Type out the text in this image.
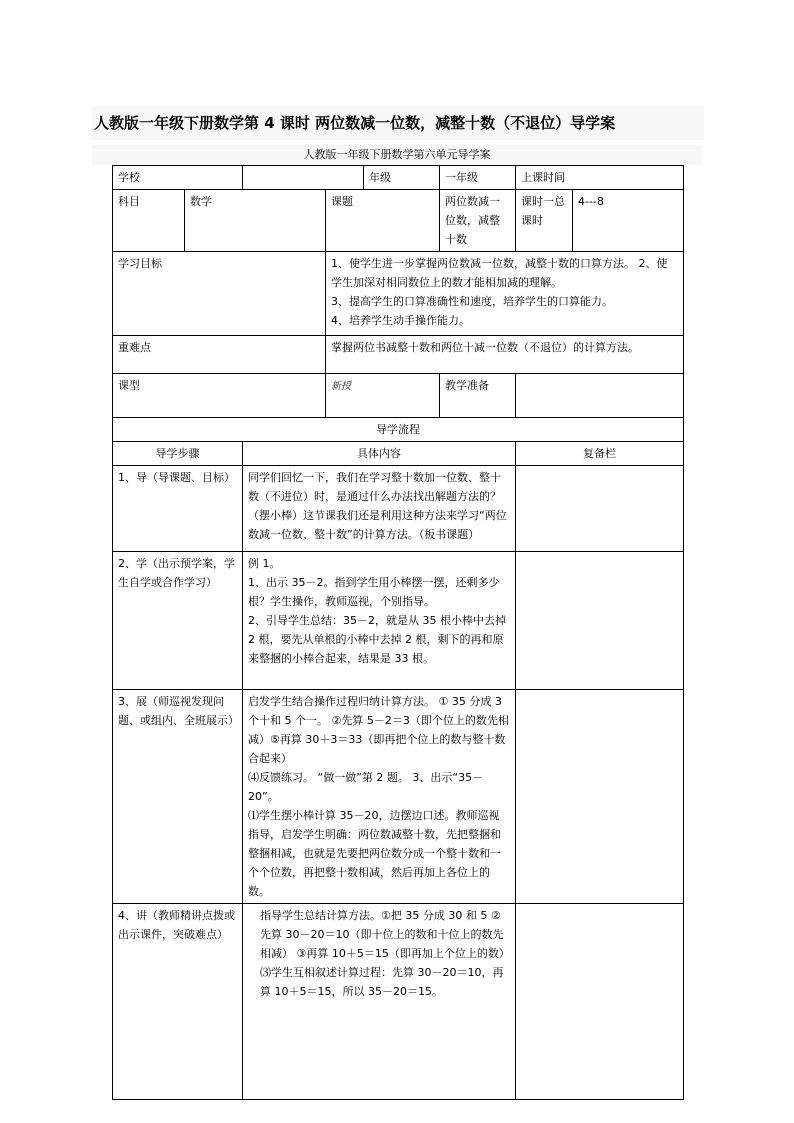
人教版一年级下册数学第 4 课时 两位数减一位数，减整十数（不退位）导学案
人教版一年级下册数学第六单元导学案
学校				年级	一年级	上课时间	
科目	数学		课题		两位数减一位数，减整十数	课时一总课时	4---8
学习目标			1、使学生进一步掌握两位数减一位数，减整十数的口算方法。 2、使学生加深对相同数位上的数才能相加减的理解。

3、提高学生的口算准确性和速度，培养学生的口算能力。

4、培养学生动手操作能力。				

重难点			掌握两位书减整十数和两位十减一位数（不退位）的计算方法。				
课型			新授		教学准备		
导学流程							
导学步骤		具体内容				复备栏	
1、导（导课题、目标）		同学们回忆一下，我们在学习整十数加一位数、整十数（不进位）时，是通过什么办法找出解题方法的？（摆小棒）这节课我们还是利用这种方法来学习“两位数减一位数、整十数”的计算方法。（板书课题）					

2、学（出示预学案，学生自学或合作学习）		例 1。

1、出示 35－2。指到学生用小棒摆一摆，还剩多少根？学生操作，教师巡视，个别指导。

2、引导学生总结：35－2，就是从 35 根小棒中去掉 2 根，要先从单根的小棒中去掉 2 根，剩下的再和原来整捆的小棒合起来，结果是 33 根。					

3、展（师巡视发现问题、或组内、全班展示）		启发学生结合操作过程归纳计算方法。 ① 35 分成 3 个十和 5 个一。 ②先算 5－2＝3（即个位上的数先相减）⑤再算 30＋3＝33（即再把个位上的数与整十数合起来）

⑷反馈练习。 “做一做”第 2 题。 3、出示“35－20”。

⑴学生摆小棒计算 35－20，边摆边口述。教师巡视指导，启发学生明确：两位数减整十数，先把整捆和整捆相减，也就是先要把两位数分成一个整十数和一个个位数，再把整十数相减，然后再加上各位上的数。					

4、讲（教师精讲点拨或出示课件，突破难点）		指导学生总结计算方法。①把 35 分成 30 和 5 ②先算 30－20＝10（即十位上的数和十位上的数先相减） ③再算 10＋5＝15（即再加上个位上的数） ⑶学生互相叙述计算过程：先算 30－20＝10，再算 10＋5＝15，所以 35－20＝15。					
